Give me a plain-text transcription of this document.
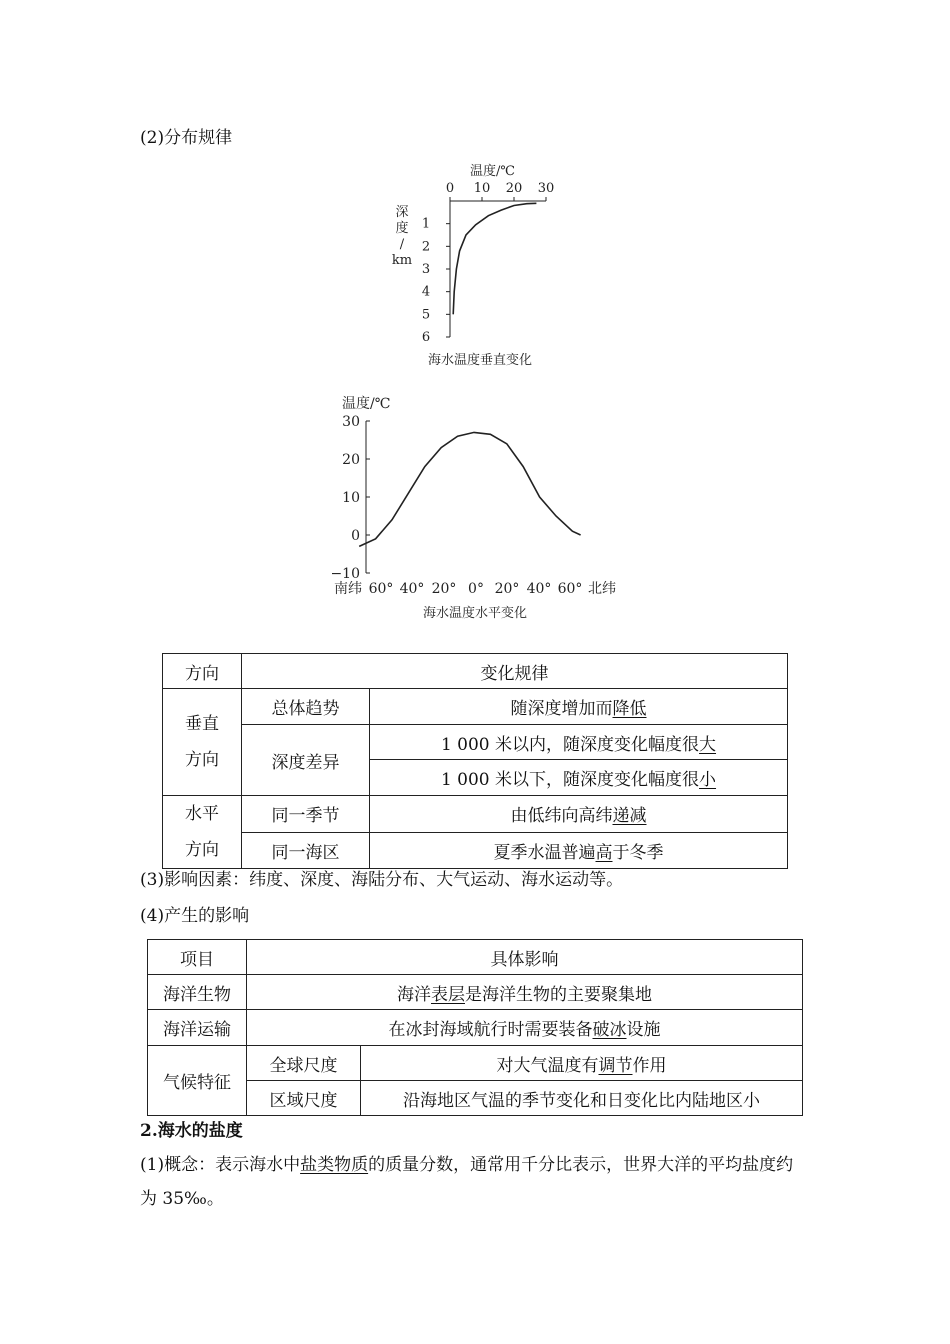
(2)分布规律
温度/℃
0 10 20 30
1
2
3
4
5
6
深
度
/
km
海水温度垂直变化
温度/℃
30
20
10
0
−10
南纬 60° 40° 20° 0° 20° 40° 60° 北纬
海水温度水平变化
方向	变化规律	

垂直
方向	总体趋势	随深度增加而降低
	深度差异	1 000 米以内，随深度变化幅度很大
		1 000 米以下，随深度变化幅度很小

水平
方向	同一季节	由低纬向高纬递减
	同一海区	夏季水温普遍高于冬季
(3)影响因素：纬度、深度、海陆分布、大气运动、海水运动等。
(4)产生的影响
项目	具体影响	
海洋生物	海洋表层是海洋生物的主要聚集地	
海洋运输	在冰封海域航行时需要装备破冰设施	
气候特征	全球尺度	对大气温度有调节作用
	区域尺度	沿海地区气温的季节变化和日变化比内陆地区小
2.海水的盐度
(1)概念：表示海水中盐类物质的质量分数，通常用千分比表示，世界大洋的平均盐度约为 35‰。
